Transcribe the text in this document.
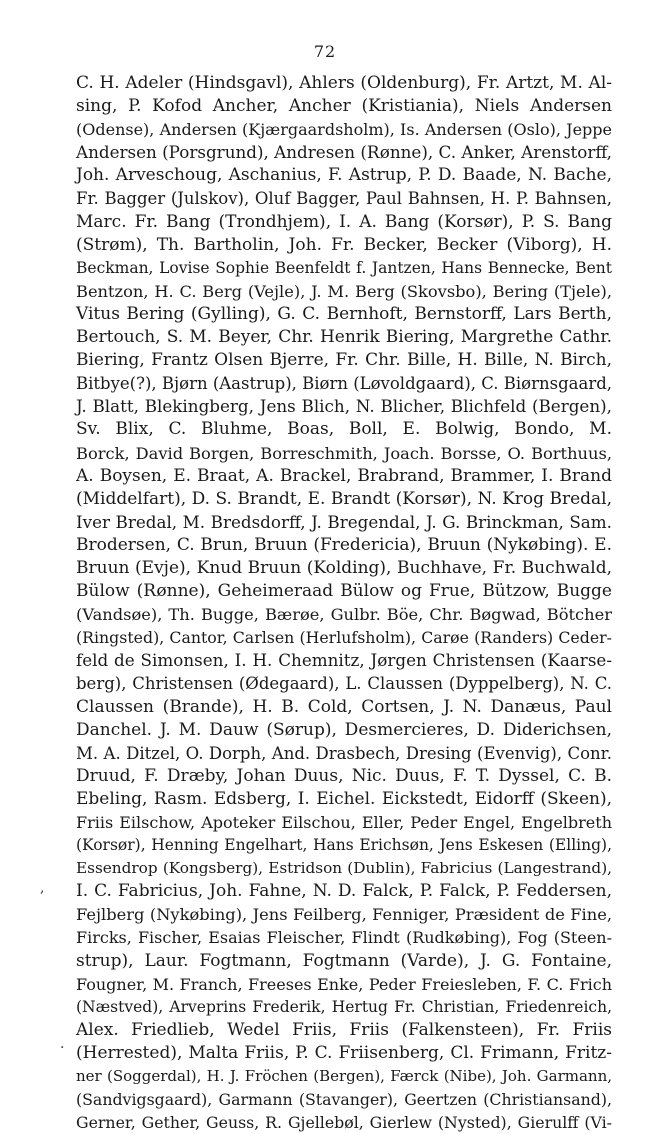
72
C. H. Adeler (Hindsgavl), Ahlers (Oldenburg), Fr. Artzt, M. Al-
sing, P. Kofod Ancher, Ancher (Kristiania), Niels Andersen
(Odense), Andersen (Kjærgaardsholm), Is. Andersen (Oslo), Jeppe
Andersen (Porsgrund), Andresen (Rønne), C. Anker, Arenstorff,
Joh. Arveschoug, Aschanius, F. Astrup, P. D. Baade, N. Bache,
Fr. Bagger (Julskov), Oluf Bagger, Paul Bahnsen, H. P. Bahnsen,
Marc. Fr. Bang (Trondhjem), I. A. Bang (Korsør), P. S. Bang
(Strøm), Th. Bartholin, Joh. Fr. Becker, Becker (Viborg), H.
Beckman, Lovise Sophie Beenfeldt f. Jantzen, Hans Bennecke, Bent
Bentzon, H. C. Berg (Vejle), J. M. Berg (Skovsbo), Bering (Tjele),
Vitus Bering (Gylling), G. C. Bernhoft, Bernstorff, Lars Berth,
Bertouch, S. M. Beyer, Chr. Henrik Biering, Margrethe Cathr.
Biering, Frantz Olsen Bjerre, Fr. Chr. Bille, H. Bille, N. Birch,
Bitbye(?), Bjørn (Aastrup), Biørn (Løvoldgaard), C. Biørnsgaard,
J. Blatt, Blekingberg, Jens Blich, N. Blicher, Blichfeld (Bergen),
Sv. Blix, C. Bluhme, Boas, Boll, E. Bolwig, Bondo, M.
Borck, David Borgen, Borreschmith, Joach. Borsse, O. Borthuus,
A. Boysen, E. Braat, A. Brackel, Brabrand, Brammer, I. Brand
(Middelfart), D. S. Brandt, E. Brandt (Korsør), N. Krog Bredal,
Iver Bredal, M. Bredsdorff, J. Bregendal, J. G. Brinckman, Sam.
Brodersen, C. Brun, Bruun (Fredericia), Bruun (Nykøbing). E.
Bruun (Evje), Knud Bruun (Kolding), Buchhave, Fr. Buchwald,
Bülow (Rønne), Geheimeraad Bülow og Frue, Bützow, Bugge
(Vandsøe), Th. Bugge, Bærøe, Gulbr. Böe, Chr. Bøgwad, Bötcher
(Ringsted), Cantor, Carlsen (Herlufsholm), Carøe (Randers) Ceder-
feld de Simonsen, I. H. Chemnitz, Jørgen Christensen (Kaarse-
berg), Christensen (Ødegaard), L. Claussen (Dyppelberg), N. C.
Claussen (Brande), H. B. Cold, Cortsen, J. N. Danæus, Paul
Danchel. J. M. Dauw (Sørup), Desmercieres, D. Diderichsen,
M. A. Ditzel, O. Dorph, And. Drasbech, Dresing (Evenvig), Conr.
Druud, F. Dræby, Johan Duus, Nic. Duus, F. T. Dyssel, C. B.
Ebeling, Rasm. Edsberg, I. Eichel. Eickstedt, Eidorff (Skeen),
Friis Eilschow, Apoteker Eilschou, Eller, Peder Engel, Engelbreth
(Korsør), Henning Engelhart, Hans Erichsøn, Jens Eskesen (Elling),
Essendrop (Kongsberg), Estridson (Dublin), Fabricius (Langestrand),
I. C. Fabricius, Joh. Fahne, N. D. Falck, P. Falck, P. Feddersen,
Fejlberg (Nykøbing), Jens Feilberg, Fenniger, Præsident de Fine,
Fircks, Fischer, Esaias Fleischer, Flindt (Rudkøbing), Fog (Steen-
strup), Laur. Fogtmann, Fogtmann (Varde), J. G. Fontaine,
Fougner, M. Franch, Freeses Enke, Peder Freiesleben, F. C. Frich
(Næstved), Arveprins Frederik, Hertug Fr. Christian, Friedenreich,
Alex. Friedlieb, Wedel Friis, Friis (Falkensteen), Fr. Friis
(Herrested), Malta Friis, P. C. Friisenberg, Cl. Frimann, Fritz-
ner (Soggerdal), H. J. Fröchen (Bergen), Færck (Nibe), Joh. Garmann,
(Sandvigsgaard), Garmann (Stavanger), Geertzen (Christiansand),
Gerner, Gether, Geuss, R. Gjellebøl, Gierlew (Nysted), Gierulff (Vi-
,
·
